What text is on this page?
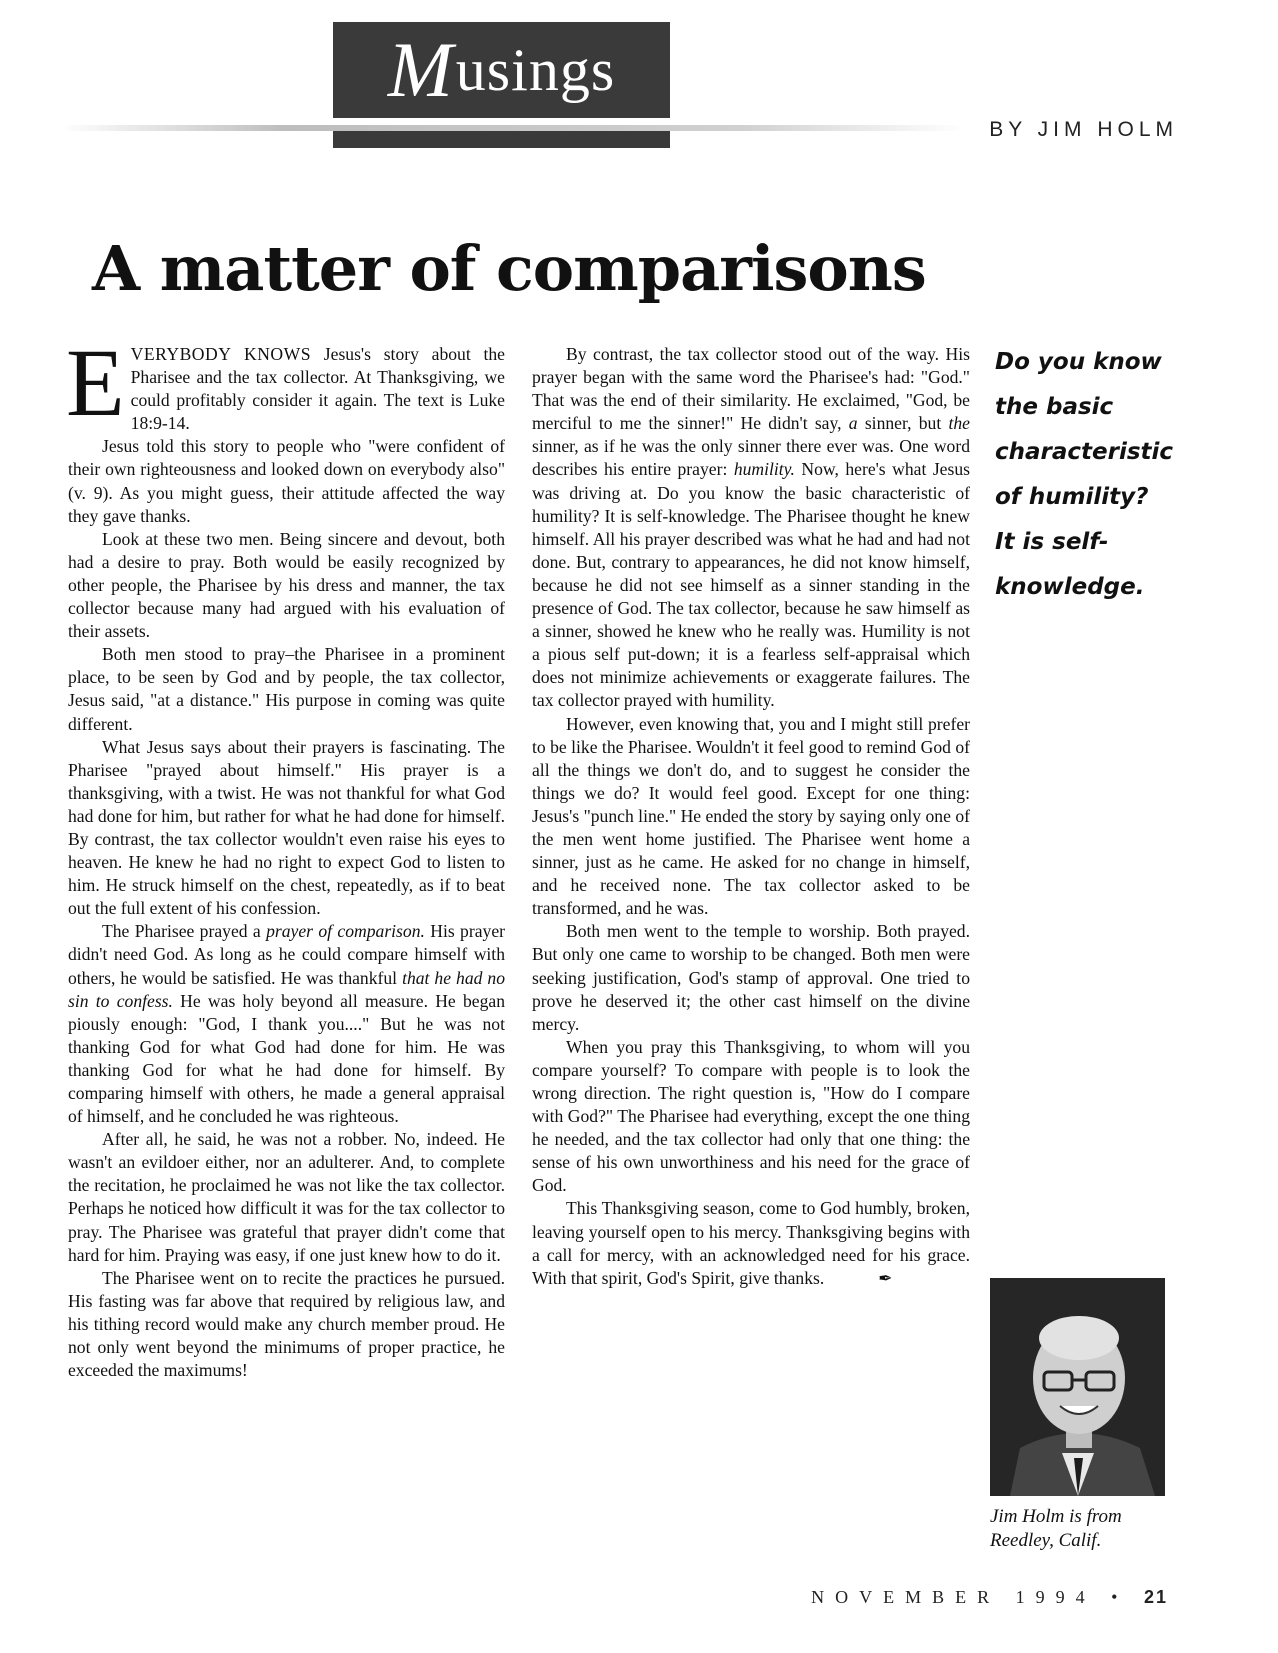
M usings
BY JIM HOLM
A matter of comparisons

EVERYBODY KNOWS Jesus's story about the Pharisee and the tax collector. At Thanksgiving, we could profitably consider it again. The text is Luke 18:9-14.

Jesus told this story to people who "were confident of their own righteousness and looked down on everybody also" (v. 9). As you might guess, their attitude affected the way they gave thanks.

Look at these two men. Being sincere and devout, both had a desire to pray. Both would be easily recognized by other people, the Pharisee by his dress and manner, the tax collector because many had argued with his evaluation of their assets.

Both men stood to pray–the Pharisee in a prominent place, to be seen by God and by people, the tax collector, Jesus said, "at a distance." His purpose in coming was quite different.

What Jesus says about their prayers is fascinating. The Pharisee "prayed about himself." His prayer is a thanksgiving, with a twist. He was not thankful for what God had done for him, but rather for what he had done for himself. By contrast, the tax collector wouldn't even raise his eyes to heaven. He knew he had no right to expect God to listen to him. He struck himself on the chest, repeatedly, as if to beat out the full extent of his confession.

The Pharisee prayed a prayer of comparison. His prayer didn't need God. As long as he could compare himself with others, he would be satisfied. He was thankful that he had no sin to confess. He was holy beyond all measure. He began piously enough: "God, I thank you...." But he was not thanking God for what God had done for him. He was thanking God for what he had done for himself. By comparing himself with others, he made a general appraisal of himself, and he concluded he was righteous.

After all, he said, he was not a robber. No, indeed. He wasn't an evildoer either, nor an adulterer. And, to complete the recitation, he proclaimed he was not like the tax collector. Perhaps he noticed how difficult it was for the tax collector to pray. The Pharisee was grateful that prayer didn't come that hard for him. Praying was easy, if one just knew how to do it.

The Pharisee went on to recite the practices he pursued. His fasting was far above that required by religious law, and his tithing record would make any church member proud. He not only went beyond the minimums of proper practice, he exceeded the maximums!

By contrast, the tax collector stood out of the way. His prayer began with the same word the Pharisee's had: "God." That was the end of their similarity. He exclaimed, "God, be merciful to me the sinner!" He didn't say, a sinner, but the sinner, as if he was the only sinner there ever was. One word describes his entire prayer: humility. Now, here's what Jesus was driving at. Do you know the basic characteristic of humility? It is self-knowledge. The Pharisee thought he knew himself. All his prayer described was what he had and had not done. But, contrary to appearances, he did not know himself, because he did not see himself as a sinner standing in the presence of God. The tax collector, because he saw himself as a sinner, showed he knew who he really was. Humility is not a pious self put-down; it is a fearless self-appraisal which does not minimize achievements or exaggerate failures. The tax collector prayed with humility.

However, even knowing that, you and I might still prefer to be like the Pharisee. Wouldn't it feel good to remind God of all the things we don't do, and to suggest he consider the things we do? It would feel good. Except for one thing: Jesus's "punch line." He ended the story by saying only one of the men went home justified. The Pharisee went home a sinner, just as he came. He asked for no change in himself, and he received none. The tax collector asked to be transformed, and he was.

Both men went to the temple to worship. Both prayed. But only one came to worship to be changed. Both men were seeking justification, God's stamp of approval. One tried to prove he deserved it; the other cast himself on the divine mercy.

When you pray this Thanksgiving, to whom will you compare yourself? To compare with people is to look the wrong direction. The right question is, "How do I compare with God?" The Pharisee had everything, except the one thing he needed, and the tax collector had only that one thing: the sense of his own unworthiness and his need for the grace of God.

This Thanksgiving season, come to God humbly, broken, leaving yourself open to his mercy. Thanksgiving begins with a call for mercy, with an acknowledged need for his grace. With that spirit, God's Spirit, give thanks.	✒

Do you know
the basic
characteristic
of humility?
It is self-
knowledge.
Jim Holm is from
Reedley, Calif.
NOVEMBER 1994 • 21
